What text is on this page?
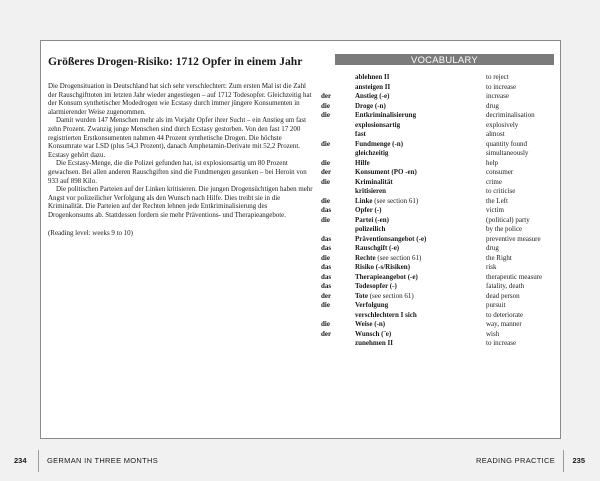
Größeres Drogen-Risiko: 1712 Opfer in einem Jahr

Die Drogensituation in Deutschland hat sich sehr verschlechtert: Zum ersten Mal ist die Zahl der Rauschgifttoten im letzten Jahr wieder angestiegen – auf 1712 Todesopfer. Gleichzeitig hat der Konsum synthetischer Modedrogen wie Ecstasy durch immer jüngere Konsumenten in alarmierender Weise zugenommen.

Damit wurden 147 Menschen mehr als im Vorjahr Opfer ihrer Sucht – ein Anstieg um fast zehn Prozent. Zwanzig junge Menschen sind durch Ecstasy gestorben. Von den fast 17 200 registrierten Erstkonsumenten nahmen 44 Prozent synthetische Drogen. Die höchste Konsumrate war LSD (plus 54,3 Prozent), danach Amphetamin-Derivate mit 52,2 Prozent. Ecstasy gehört dazu.

Die Ecstasy-Menge, die die Polizei gefunden hat, ist explosionsartig um 80 Prozent gewachsen. Bei allen anderen Rauschgiften sind die Fundmengen gesunken – bei Heroin von 933 auf 898 Kilo.

Die politischen Parteien auf der Linken kritisieren. Die jungen Drogensüchtigen haben mehr Angst vor polizeilicher Verfolgung als den Wunsch nach Hilfe. Dies treibt sie in die Kriminalität. Die Parteien auf der Rechten lehnen jede Entkriminalisierung des Drogenkonsums ab. Stattdessen fordern sie mehr Präventions- und Therapieangebote.

(Reading level: weeks 9 to 10)

VOCABULARY
ablehnen II	to reject
ansteigen II	to increase
der	Anstieg (-e)	increase
die	Droge (-n)	drug
die	Entkriminalisierung	decriminalisation
explosionsartig	explosively
fast	almost
die	Fundmenge (-n)	quantity found
gleichzeitig	simultaneously
die	Hilfe	help
der	Konsument (PO -en)	consumer
die	Kriminalität	crime
kritisieren	to criticise
die	Linke (see section 61)	the Left
das	Opfer (-)	victim
die	Partei (-en)	(political) party
polizeilich	by the police
das	Präventionsangebot (-e)	preventive measure
das	Rauschgift (-e)	drug
die	Rechte (see section 61)	the Right
das	Risiko (-s/Risiken)	risk
das	Therapieangebot (-e)	therapeutic measure
das	Todesopfer (-)	fatality, death
der	Tote (see section 61)	dead person
die	Verfolgung	pursuit
verschlechtern I sich	to deteriorate
die	Weise (-n)	way, manner
der	Wunsch (¨e)	wish
zunehmen II	to increase
234	GERMAN IN THREE MONTHS	READING PRACTICE 235
